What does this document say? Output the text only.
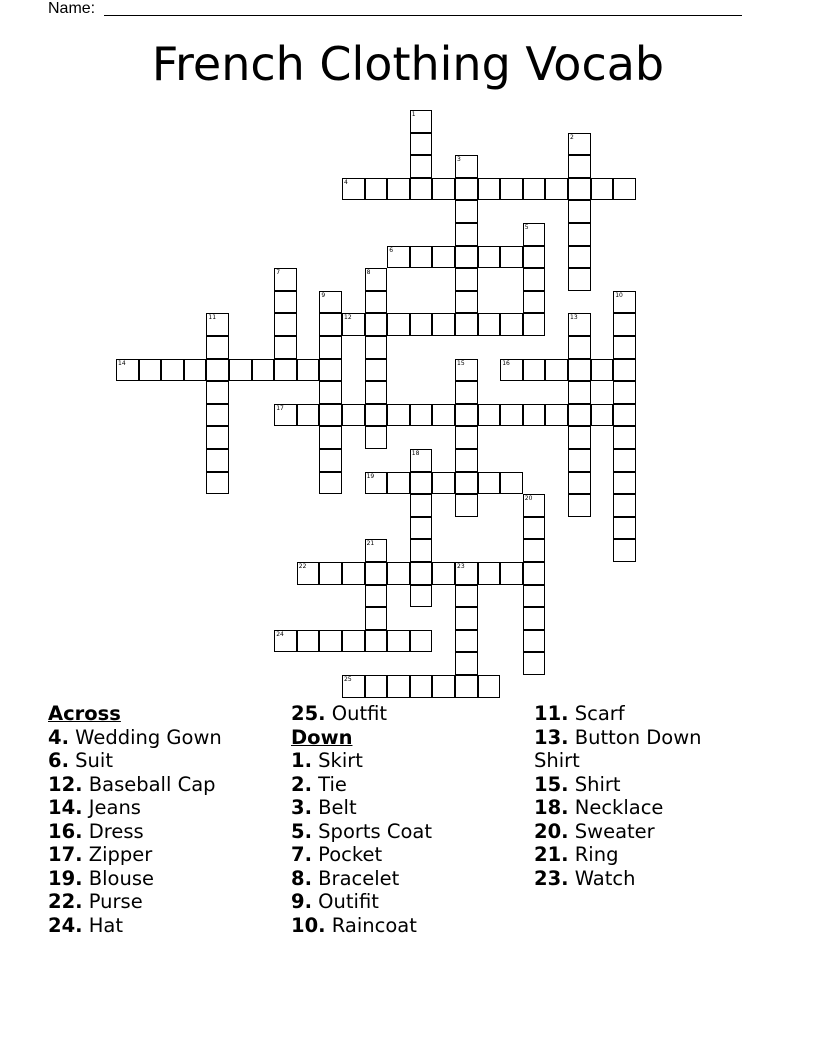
Name:
French Clothing Vocab
1
2
3
4
5
6
7	8
9	10
11	12	13
14	15	16
17
18
19
20
21
22	23
24
25
Across
4. Wedding Gown
6. Suit
12. Baseball Cap
14. Jeans
16. Dress
17. Zipper
19. Blouse
22. Purse
24. Hat
25. Outfit
Down
1. Skirt
2. Tie
3. Belt
5. Sports Coat
7. Pocket
8. Bracelet
9. Outifit
10. Raincoat
11. Scarf
13. Button Down Shirt
15. Shirt
18. Necklace
20. Sweater
21. Ring
23. Watch
